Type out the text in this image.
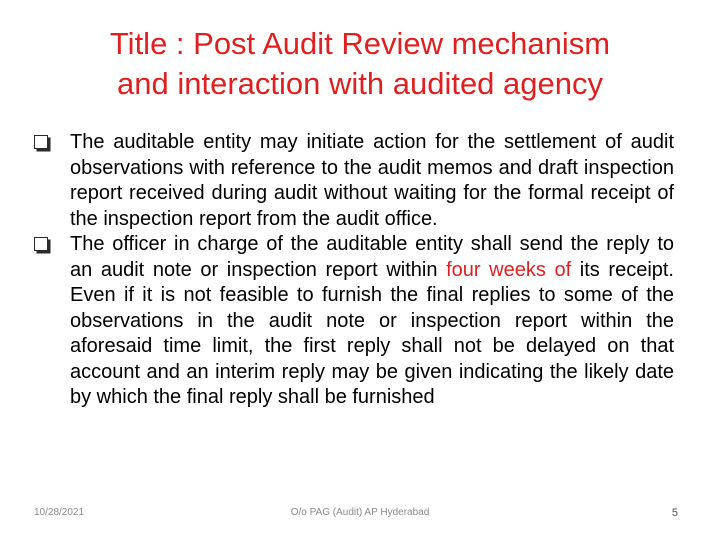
Title : Post Audit Review mechanism
and interaction with audited agency
The auditable entity may initiate action for the settlement of audit observations with reference to the audit memos and draft inspection report received during audit without waiting for the formal receipt of the inspection report from the audit office.
The officer in charge of the auditable entity shall send the reply to an audit note or inspection report within four weeks of its receipt. Even if it is not feasible to furnish the final replies to some of the observations in the audit note or inspection report within the aforesaid time limit, the first reply shall not be delayed on that account and an interim reply may be given indicating the likely date by which the final reply shall be furnished
10/28/2021	O/o PAG (Audit) AP Hyderabad	5
